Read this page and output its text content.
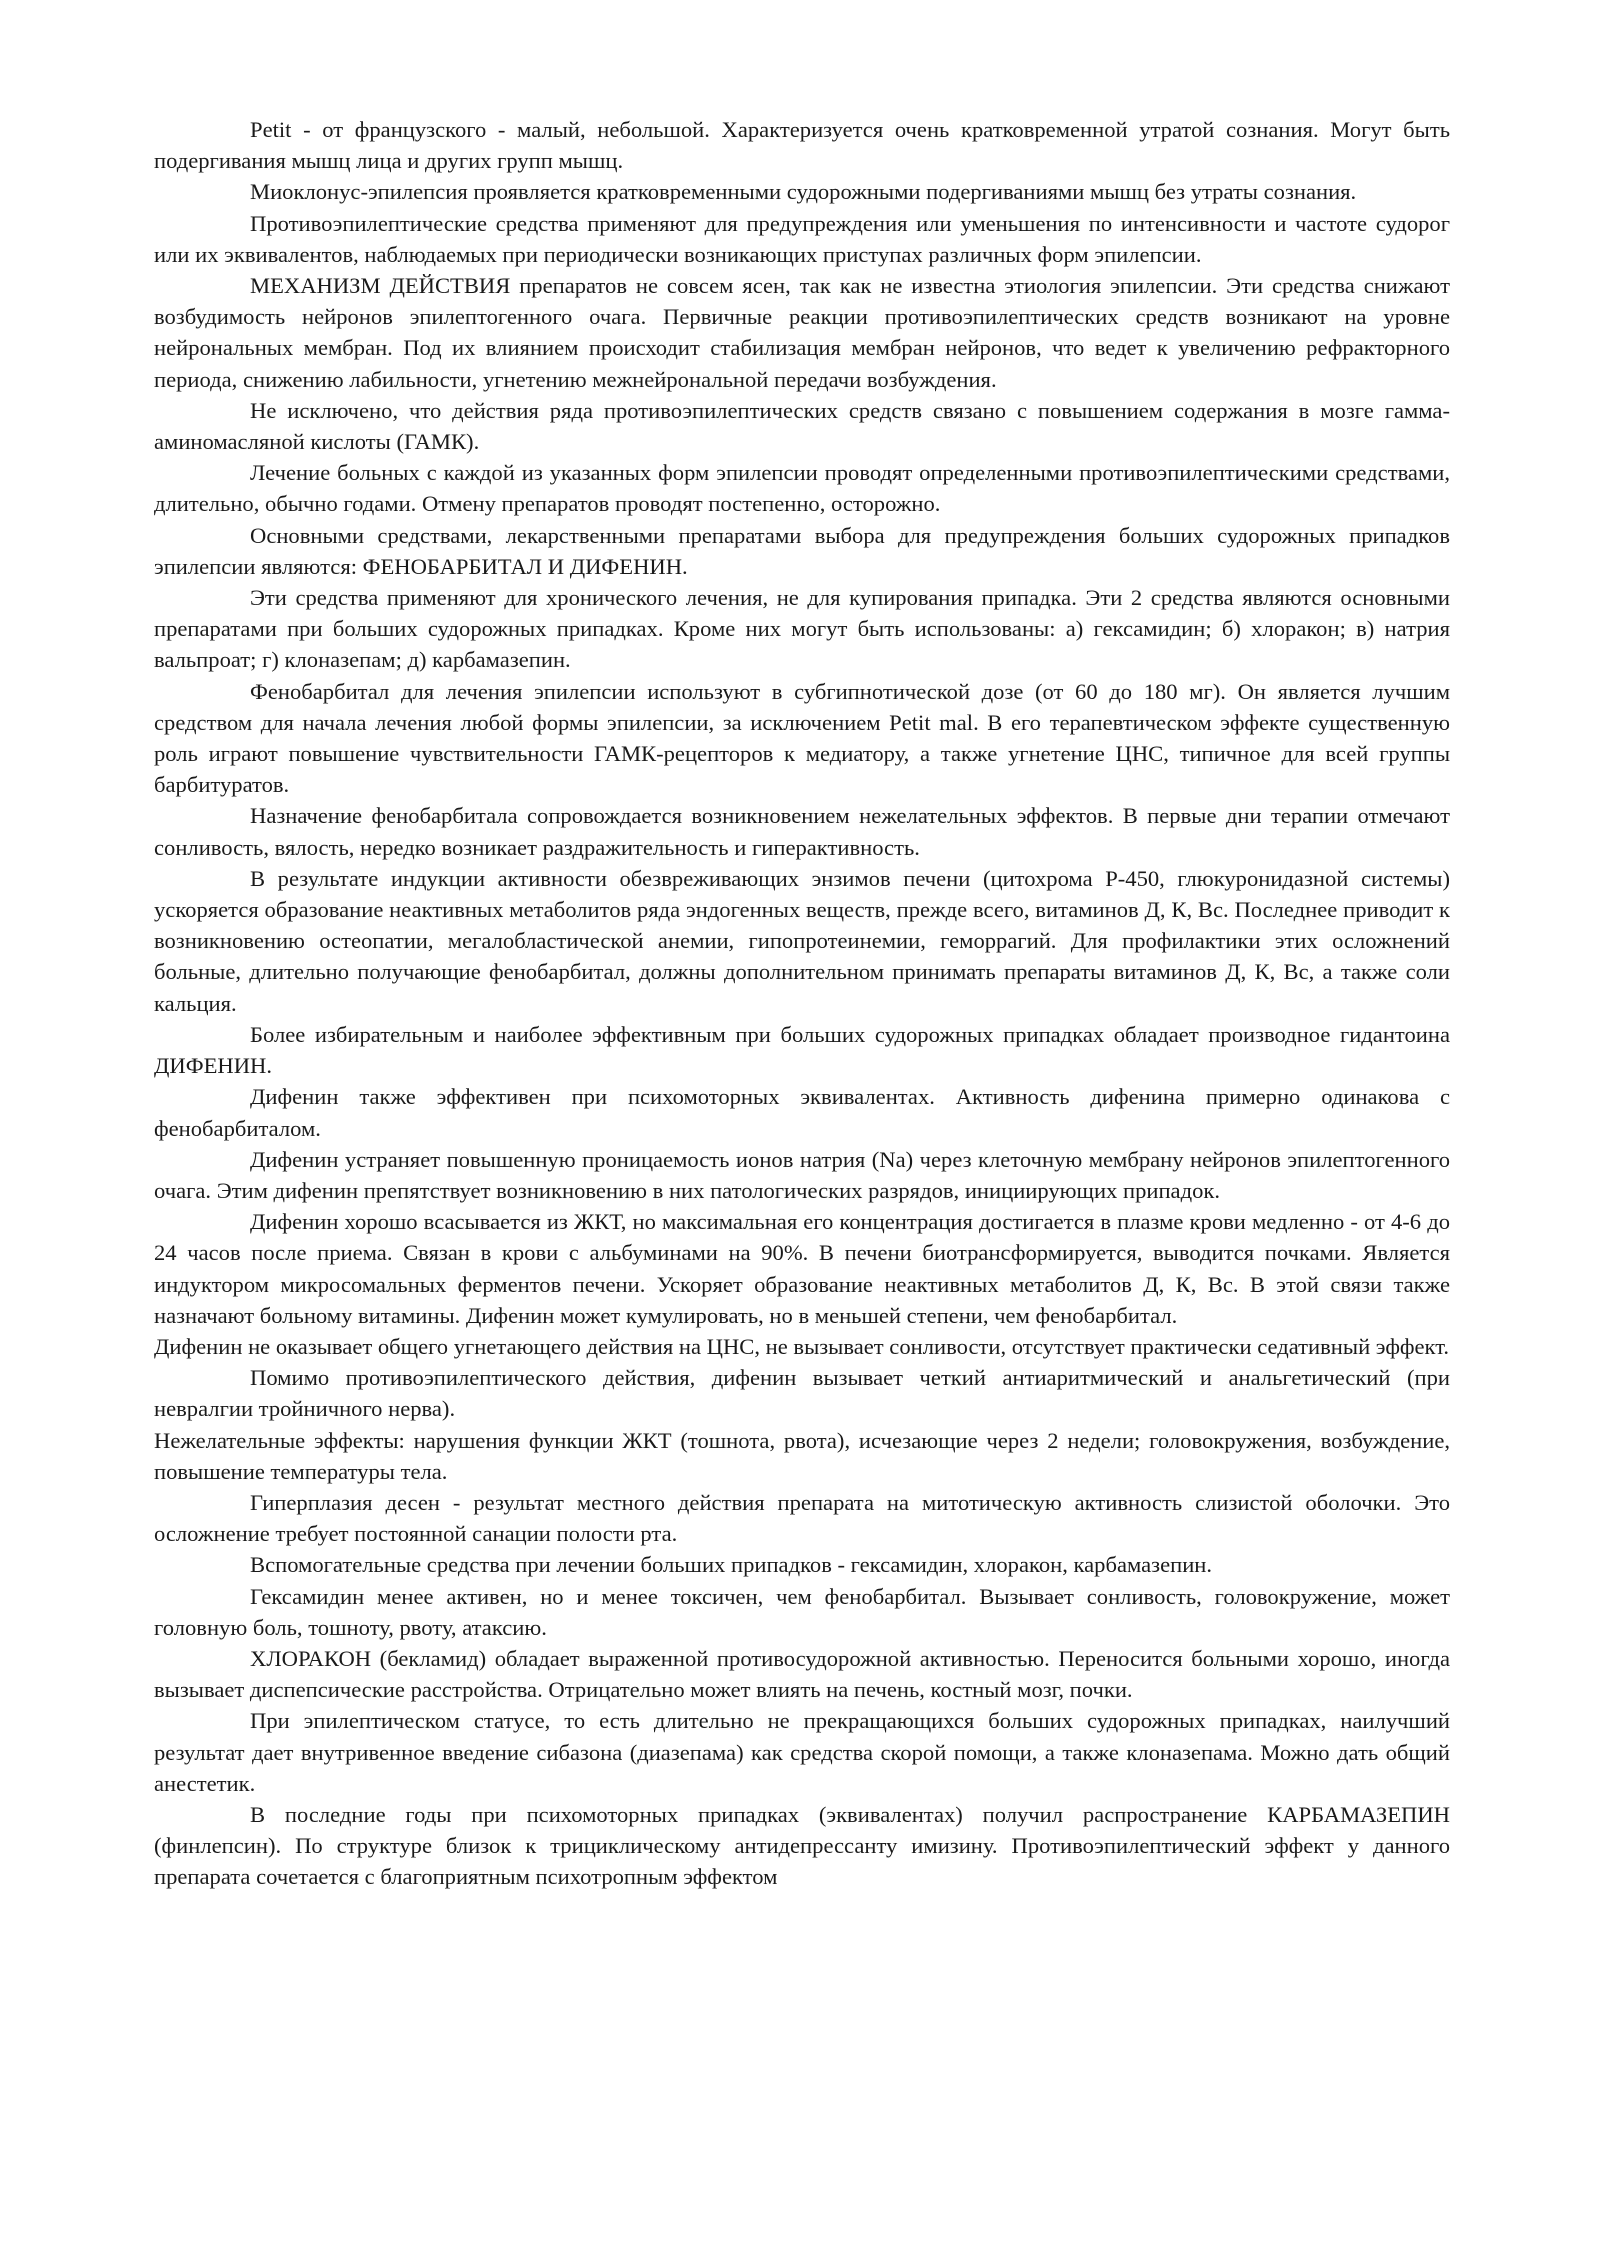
Petit - от французского - малый, небольшой. Характеризуется очень кратковременной утратой сознания. Могут быть подергивания мышц лица и других групп мышц.

Миоклонус-эпилепсия проявляется кратковременными судорожными подергиваниями мышц без утраты сознания.

Противоэпилептические средства применяют для предупреждения или уменьшения по интенсивности и частоте судорог или их эквивалентов, наблюдаемых при периодически возникающих приступах различных форм эпилепсии.

МЕХАНИЗМ ДЕЙСТВИЯ препаратов не совсем ясен, так как не известна этиология эпилепсии. Эти средства снижают возбудимость нейронов эпилептогенного очага. Первичные реакции противоэпилептических средств возникают на уровне нейрональных мембран. Под их влиянием происходит стабилизация мембран нейронов, что ведет к увеличению рефракторного периода, снижению лабильности, угнетению межнейрональной передачи возбуждения.

Не исключено, что действия ряда противоэпилептических средств связано с повышением содержания в мозге гамма-аминомасляной кислоты (ГАМК).

Лечение больных с каждой из указанных форм эпилепсии проводят определенными противоэпилептическими средствами, длительно, обычно годами. Отмену препаратов проводят постепенно, осторожно.

Основными средствами, лекарственными препаратами выбора для предупреждения больших судорожных припадков эпилепсии являются: ФЕНОБАРБИТАЛ И ДИФЕНИН.

Эти средства применяют для хронического лечения, не для купирования припадка. Эти 2 средства являются основными препаратами при больших судорожных припадках. Кроме них могут быть использованы: а) гексамидин; б) хлоракон; в) натрия вальпроат; г) клоназепам; д) карбамазепин.

Фенобарбитал для лечения эпилепсии используют в субгипнотической дозе (от 60 до 180 мг). Он является лучшим средством для начала лечения любой формы эпилепсии, за исключением Petit mal. В его терапевтическом эффекте существенную роль играют повышение чувствительности ГАМК-рецепторов к медиатору, а также угнетение ЦНС, типичное для всей группы барбитуратов.

Назначение фенобарбитала сопровождается возникновением нежелательных эффектов. В первые дни терапии отмечают сонливость, вялость, нередко возникает раздражительность и гиперактивность.

В результате индукции активности обезвреживающих энзимов печени (цитохрома Р-450, глюкуронидазной системы) ускоряется образование неактивных метаболитов ряда эндогенных веществ, прежде всего, витаминов Д, К, Вс. Последнее приводит к возникновению остеопатии, мегалобластической анемии, гипопротеинемии, геморрагий. Для профилактики этих осложнений больные, длительно получающие фенобарбитал, должны дополнительном принимать препараты витаминов Д, К, Вс, а также соли кальция.

Более избирательным и наиболее эффективным при больших судорожных припадках обладает производное гидантоина ДИФЕНИН.

Дифенин также эффективен при психомоторных эквивалентах. Активность дифенина примерно одинакова с фенобарбиталом.

Дифенин устраняет повышенную проницаемость ионов натрия (Na) через клеточную мембрану нейронов эпилептогенного очага. Этим дифенин препятствует возникновению в них патологических разрядов, инициирующих припадок.

Дифенин хорошо всасывается из ЖКТ, но максимальная его концентрация достигается в плазме крови медленно - от 4-6 до 24 часов после приема. Связан в крови с альбуминами на 90%. В печени биотрансформируется, выводится почками. Является индуктором микросомальных ферментов печени. Ускоряет образование неактивных метаболитов Д, К, Вс. В этой связи также назначают больному витамины. Дифенин может кумулировать, но в меньшей степени, чем фенобарбитал.

Дифенин не оказывает общего угнетающего действия на ЦНС, не вызывает сонливости, отсутствует практически седативный эффект.

Помимо противоэпилептического действия, дифенин вызывает четкий антиаритмический и анальгетический (при невралгии тройничного нерва).

Нежелательные эффекты: нарушения функции ЖКТ (тошнота, рвота), исчезающие через 2 недели; головокружения, возбуждение, повышение температуры тела.

Гиперплазия десен - результат местного действия препарата на митотическую активность слизистой оболочки. Это осложнение требует постоянной санации полости рта.

Вспомогательные средства при лечении больших припадков - гексамидин, хлоракон, карбамазепин.

Гексамидин менее активен, но и менее токсичен, чем фенобарбитал. Вызывает сонливость, головокружение, может головную боль, тошноту, рвоту, атаксию.

ХЛОРАКОН (бекламид) обладает выраженной противосудорожной активностью. Переносится больными хорошо, иногда вызывает диспепсические расстройства. Отрицательно может влиять на печень, костный мозг, почки.

При эпилептическом статусе, то есть длительно не прекращающихся больших судорожных припадках, наилучший результат дает внутривенное введение сибазона (диазепама) как средства скорой помощи, а также клоназепама. Можно дать общий анестетик.

В последние годы при психомоторных припадках (эквивалентах) получил распространение КАРБАМАЗЕПИН (финлепсин). По структуре близок к трициклическому антидепрессанту имизину. Противоэпилептический эффект у данного препарата сочетается с благоприятным психотропным эффектом
